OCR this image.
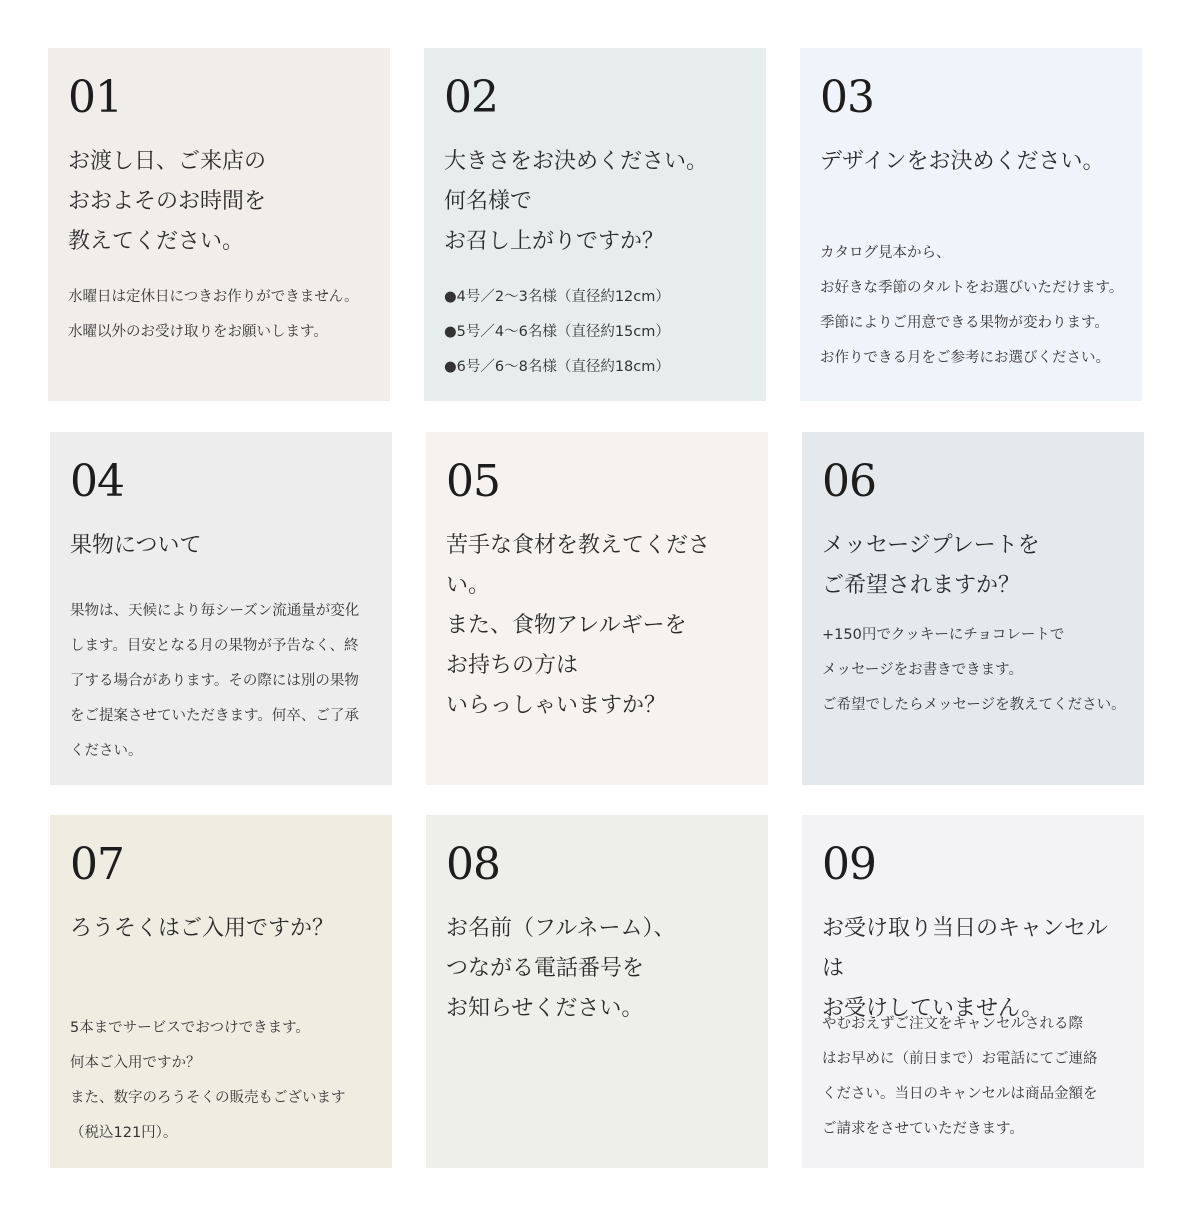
01
お渡し日、ご来店の
おおよそのお時間を
教えてください。
水曜日は定休日につきお作りができません。
水曜以外のお受け取りをお願いします。
02
大きさをお決めください。
何名様で
お召し上がりですか？
●4号／2〜3名様（直径約12cm）
●5号／4〜6名様（直径約15cm）
●6号／6〜8名様（直径約18cm）
03
デザインをお決めください。
カタログ見本から、
お好きな季節のタルトをお選びいただけます。
季節によりご用意できる果物が変わります。
お作りできる月をご参考にお選びください。
04
果物について
果物は、天候により毎シーズン流通量が変化
します。目安となる月の果物が予告なく、終
了する場合があります。その際には別の果物
をご提案させていただきます。何卒、ご了承
ください。
05
苦手な食材を教えてください。
また、食物アレルギーを
お持ちの方は
いらっしゃいますか？
06
メッセージプレートを
ご希望されますか？
+150円でクッキーにチョコレートで
メッセージをお書きできます。
ご希望でしたらメッセージを教えてください。
07
ろうそくはご入用ですか？
5本までサービスでおつけできます。
何本ご入用ですか？
また、数字のろうそくの販売もございます
（税込121円）。
08
お名前（フルネーム）、
つながる電話番号を
お知らせください。
09
お受け取り当日のキャンセルは
お受けしていません。
やむおえずご注文をキャンセルされる際
はお早めに（前日まで）お電話にてご連絡
ください。当日のキャンセルは商品金額を
ご請求をさせていただきます。
